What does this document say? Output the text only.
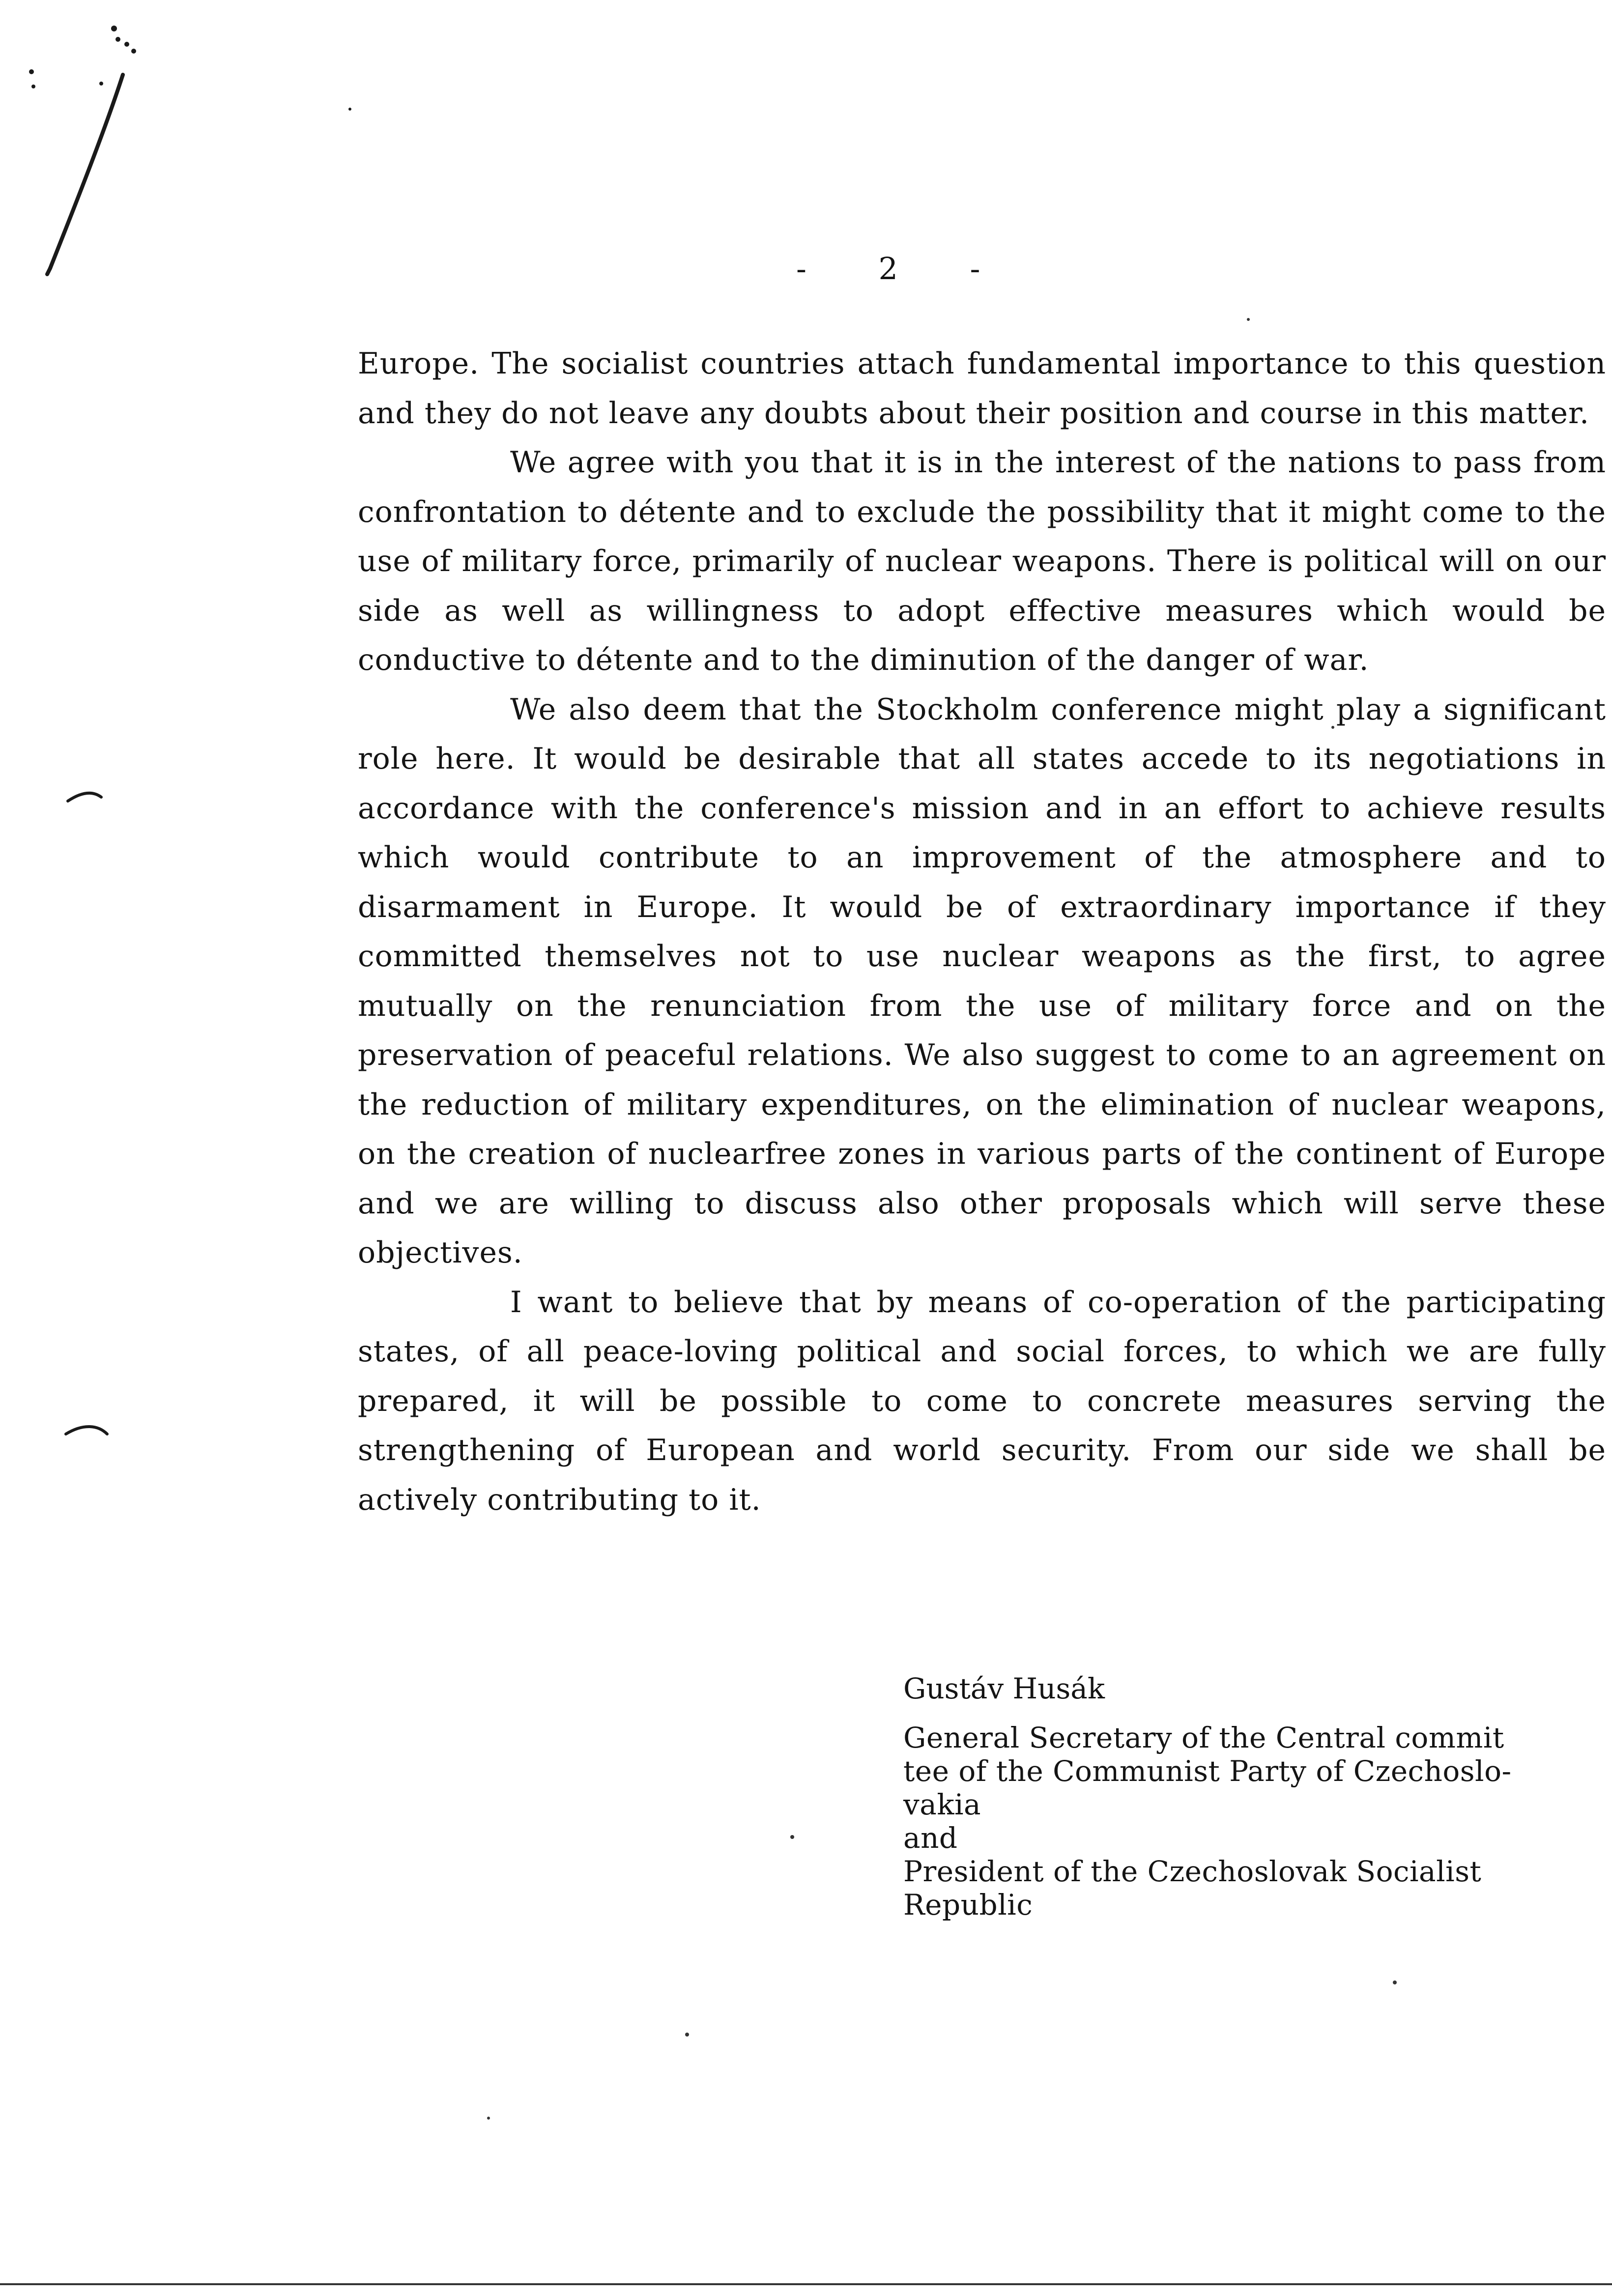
-     2     -

Europe. The socialist countries attach fundamental importance to this question and they do not leave any doubts about their position and course in this matter.

We agree with you that it is in the interest of the nations to pass from confrontation to détente and to exclude the possibility that it might come to the use of military force, primarily of nuclear weapons. There is political will on our side as well as willingness to adopt effective measures which would be conductive to détente and to the diminution of the danger of war.

We also deem that the Stockholm conference might play a significant role here. It would be desirable that all states accede to its negotiations in accordance with the conference's mission and in an effort to achieve results which would contribute to an improvement of the atmosphere and to disarmament in Europe. It would be of extraordinary importance if they committed themselves not to use nuclear weapons as the first, to agree mutually on the renunciation from the use of military force and on the preservation of peaceful relations. We also suggest to come to an agreement on the reduction of military expenditures, on the elimination of nuclear weapons, on the creation of nuclearfree zones in various parts of the continent of Europe and we are willing to discuss also other proposals which will serve these objectives.

I want to believe that by means of co-operation of the participating states, of all peace-loving political and social forces, to which we are fully prepared, it will be possible to come to concrete measures serving the strengthening of European and world security. From our side we shall be actively contributing to it.

Gustáv Husák
General Secretary of the Central commit
tee of the Communist Party of Czechoslo-
vakia
and
President of the Czechoslovak Socialist
Republic
